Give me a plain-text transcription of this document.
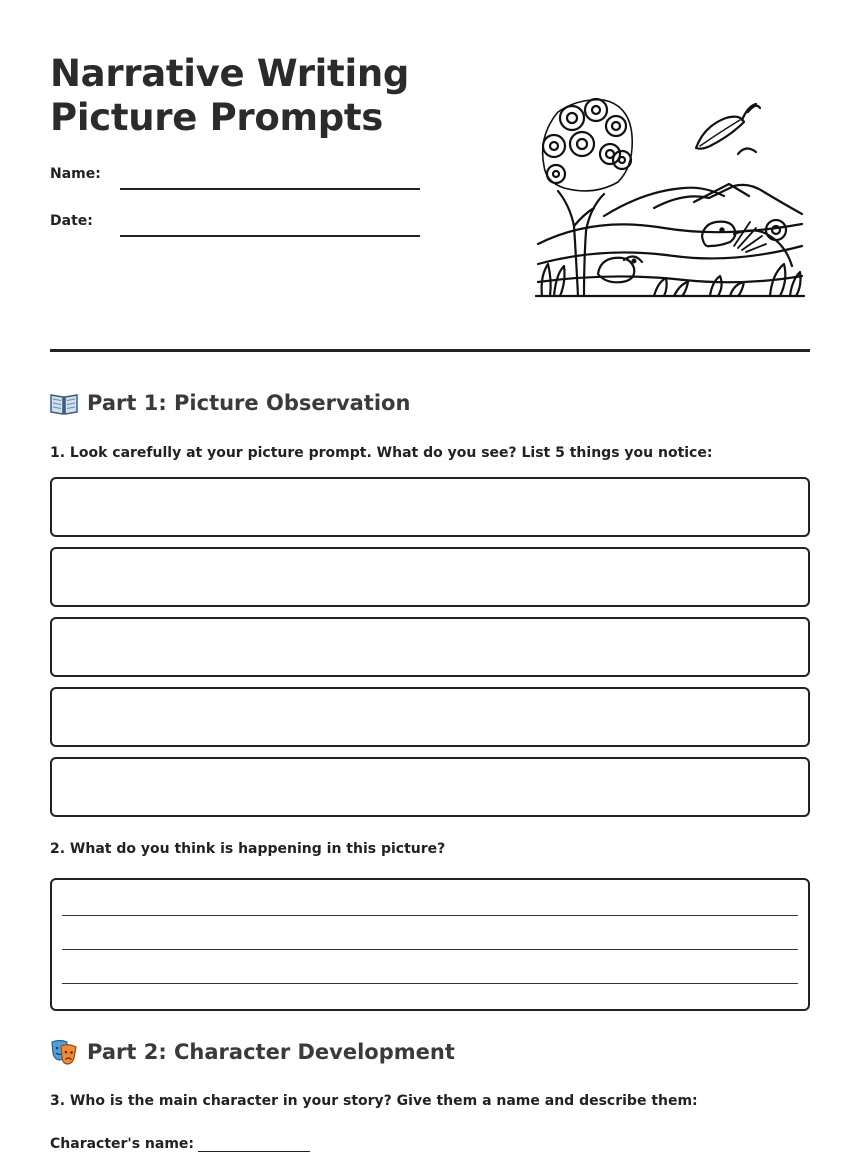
Narrative Writing
Picture Prompts
Name:
Date:
Part 1: Picture Observation

1. Look carefully at your picture prompt. What do you see? List 5 things you notice:

2. What do you think is happening in this picture?

Part 2: Character Development

3. Who is the main character in your story? Give them a name and describe them:

Character's name:
